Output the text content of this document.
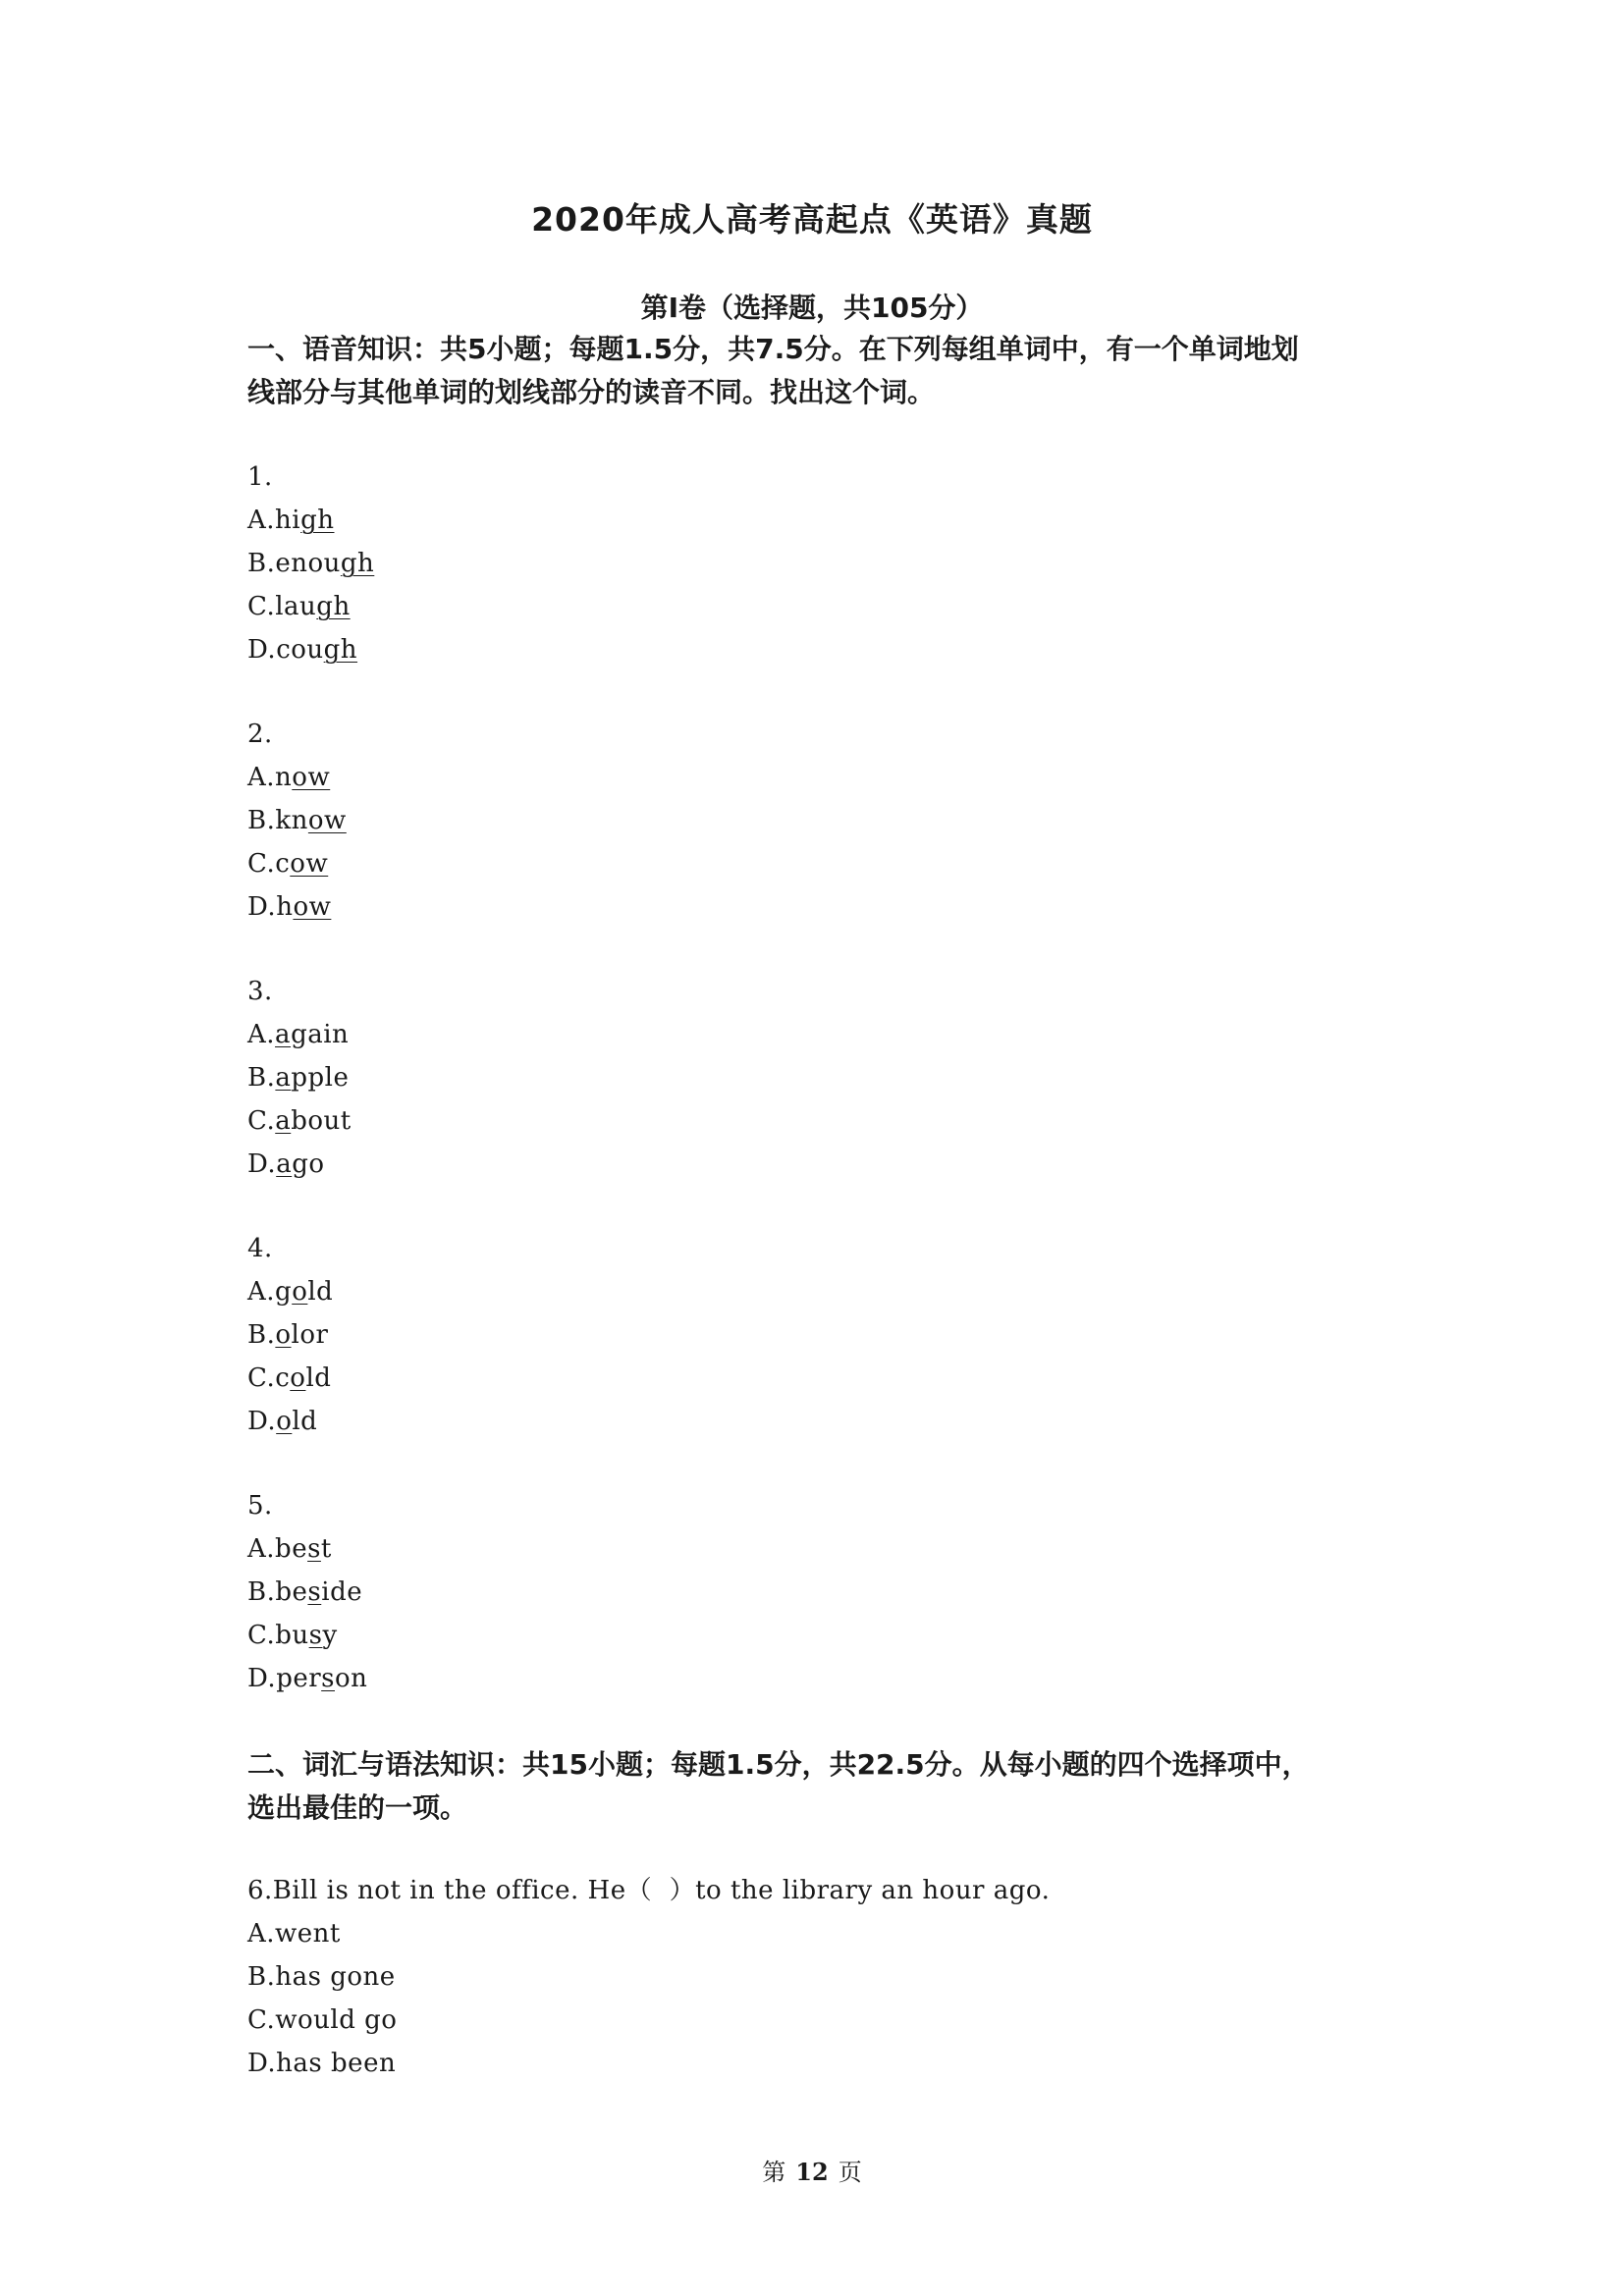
2020年成人高考高起点《英语》真题
第Ⅰ卷（选择题，共105分）
一、语音知识：共5小题；每题1.5分，共7.5分。在下列每组单词中，有一个单词地划
线部分与其他单词的划线部分的读音不同。找出这个词。
1.
A.high
B.enough
C.laugh
D.cough
2.
A.now
B.know
C.cow
D.how
3.
A.again
B.apple
C.about
D.ago
4.
A.gold
B.olor
C.cold
D.old
5.
A.best
B.beside
C.busy
D.person
二、词汇与语法知识：共15小题；每题1.5分，共22.5分。从每小题的四个选择项中，
选出最佳的一项。
6.Bill is not in the office. He（  ）to the library an hour ago.
A.went
B.has gone
C.would go
D.has been
第 12 页
